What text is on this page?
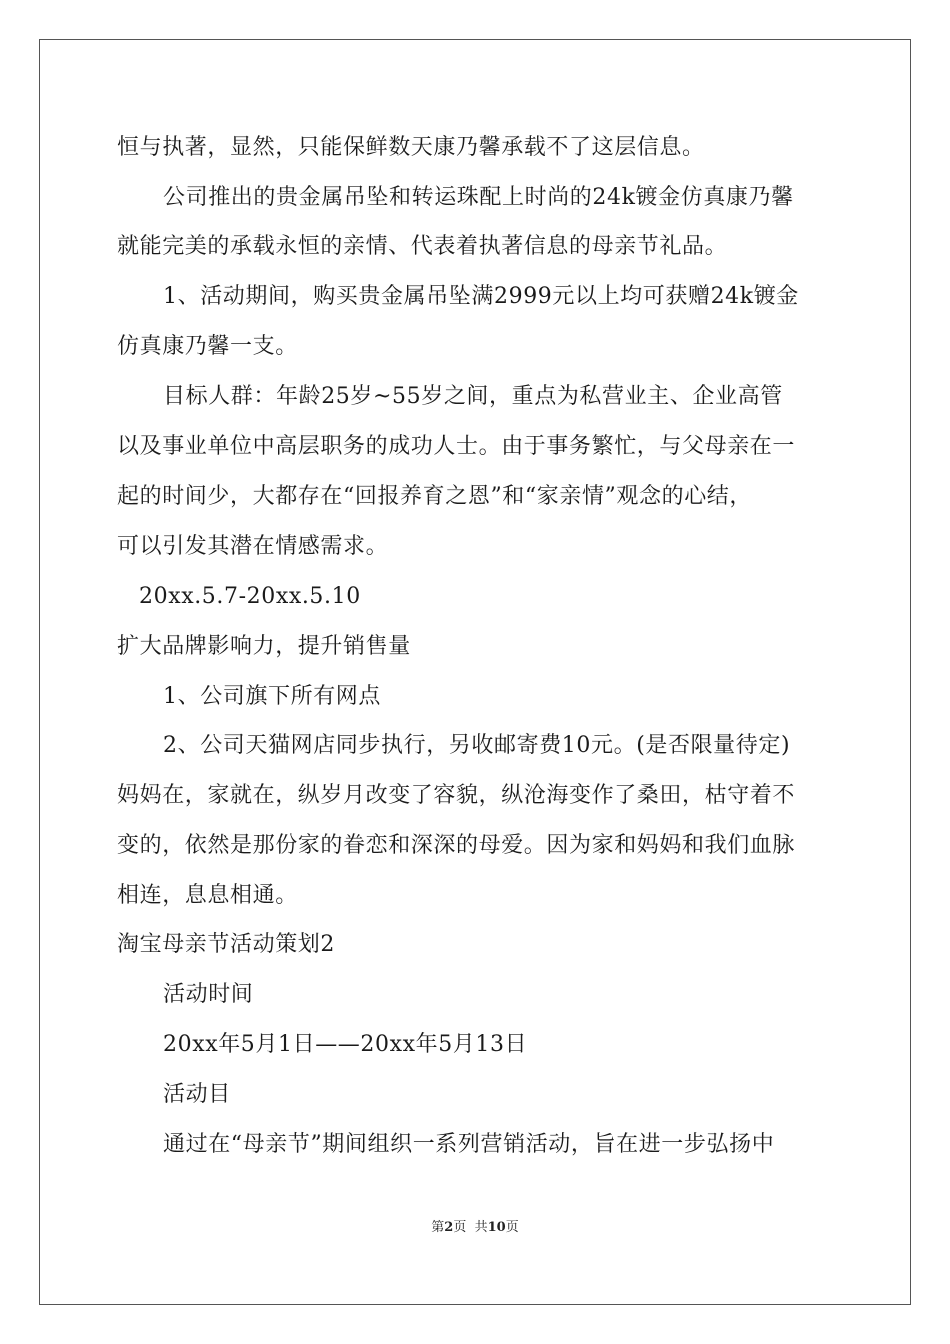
恒与执著，显然，只能保鲜数天康乃馨承载不了这层信息。
公司推出的贵金属吊坠和转运珠配上时尚的24k镀金仿真康乃馨
就能完美的承载永恒的亲情、代表着执著信息的母亲节礼品。
1、活动期间，购买贵金属吊坠满2999元以上均可获赠24k镀金
仿真康乃馨一支。
目标人群：年龄25岁~55岁之间，重点为私营业主、企业高管
以及事业单位中高层职务的成功人士。由于事务繁忙，与父母亲在一
起的时间少，大都存在“回报养育之恩”和“家亲情”观念的心结，
可以引发其潜在情感需求。
20xx.5.7-20xx.5.10
扩大品牌影响力，提升销售量
1、公司旗下所有网点
2、公司天猫网店同步执行，另收邮寄费10元。(是否限量待定)
妈妈在，家就在，纵岁月改变了容貌，纵沧海变作了桑田，枯守着不
变的，依然是那份家的眷恋和深深的母爱。因为家和妈妈和我们血脉
相连，息息相通。
淘宝母亲节活动策划2
活动时间
20xx年5月1日——20xx年5月13日
活动目
通过在“母亲节”期间组织一系列营销活动，旨在进一步弘扬中
第2页  共10页
